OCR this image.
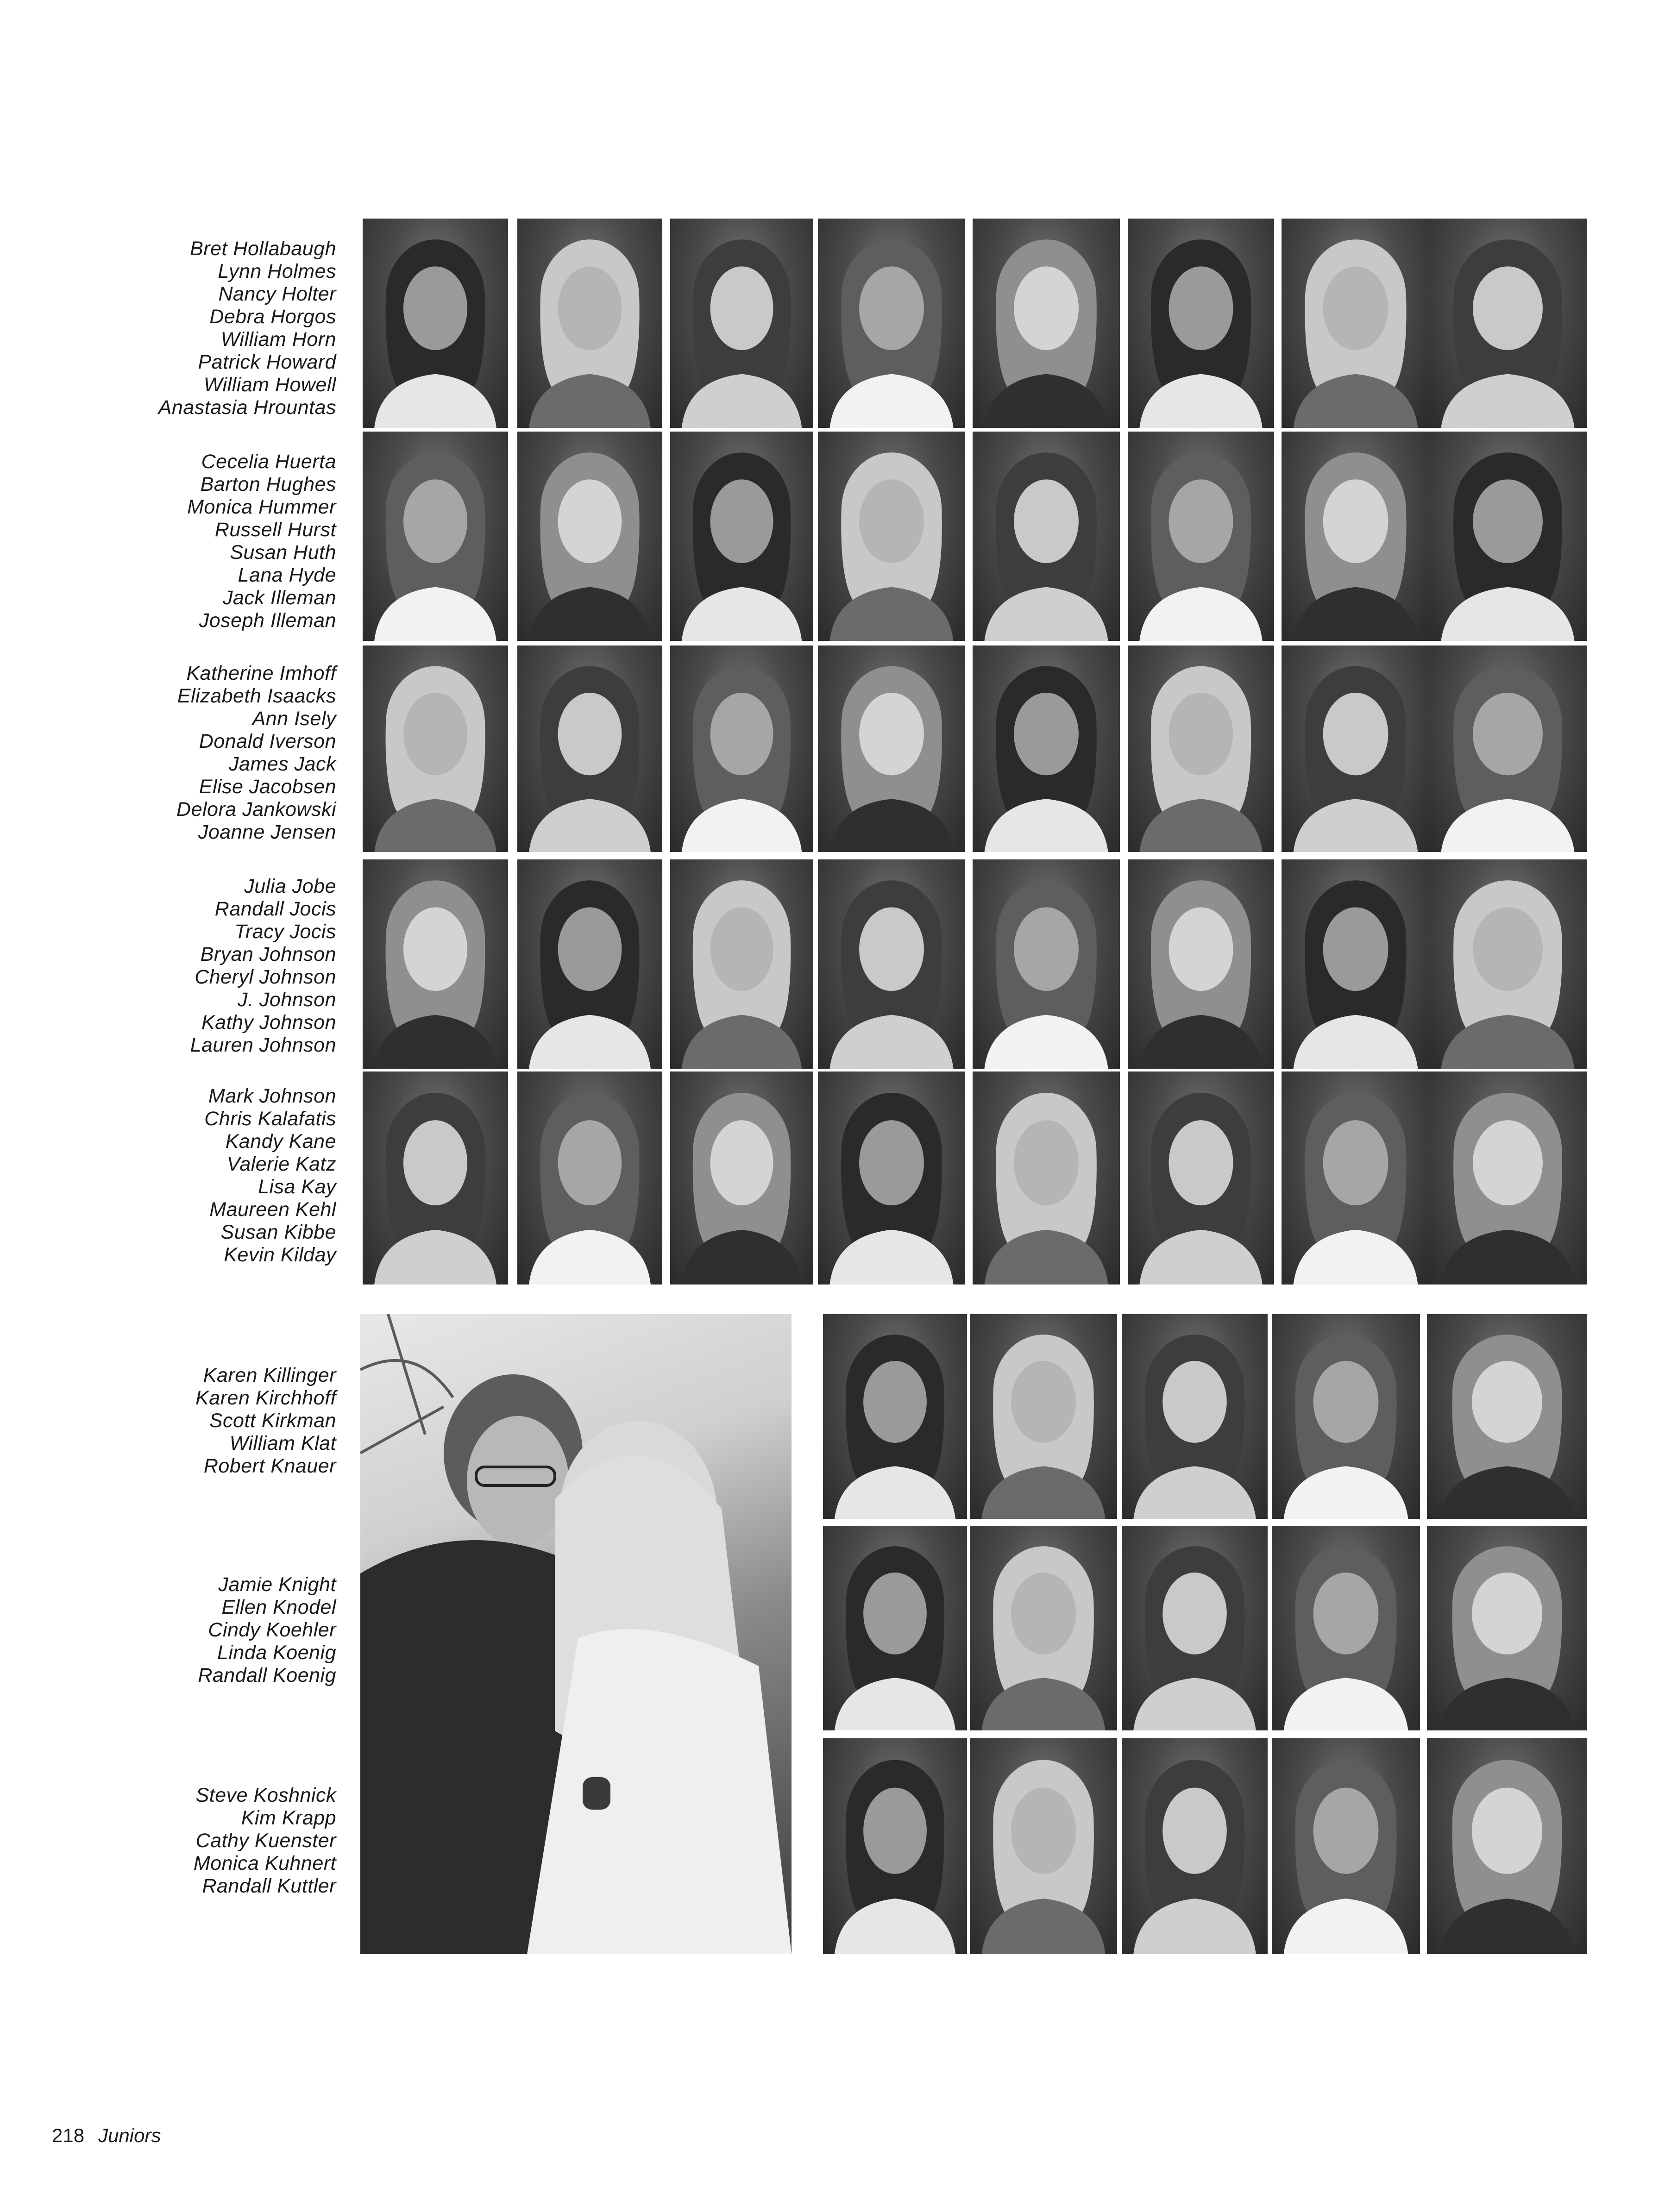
Bret Hollabaugh
Lynn Holmes
Nancy Holter
Debra Horgos
William Horn
Patrick Howard
William Howell
Anastasia Hrountas
Cecelia Huerta
Barton Hughes
Monica Hummer
Russell Hurst
Susan Huth
Lana Hyde
Jack Illeman
Joseph Illeman
Katherine Imhoff
Elizabeth Isaacks
Ann Isely
Donald Iverson
James Jack
Elise Jacobsen
Delora Jankowski
Joanne Jensen
Julia Jobe
Randall Jocis
Tracy Jocis
Bryan Johnson
Cheryl Johnson
J. Johnson
Kathy Johnson
Lauren Johnson
Mark Johnson
Chris Kalafatis
Kandy Kane
Valerie Katz
Lisa Kay
Maureen Kehl
Susan Kibbe
Kevin Kilday
Karen Killinger
Karen Kirchhoff
Scott Kirkman
William Klat
Robert Knauer
Jamie Knight
Ellen Knodel
Cindy Koehler
Linda Koenig
Randall Koenig
Steve Koshnick
Kim Krapp
Cathy Kuenster
Monica Kuhnert
Randall Kuttler
218 Juniors
